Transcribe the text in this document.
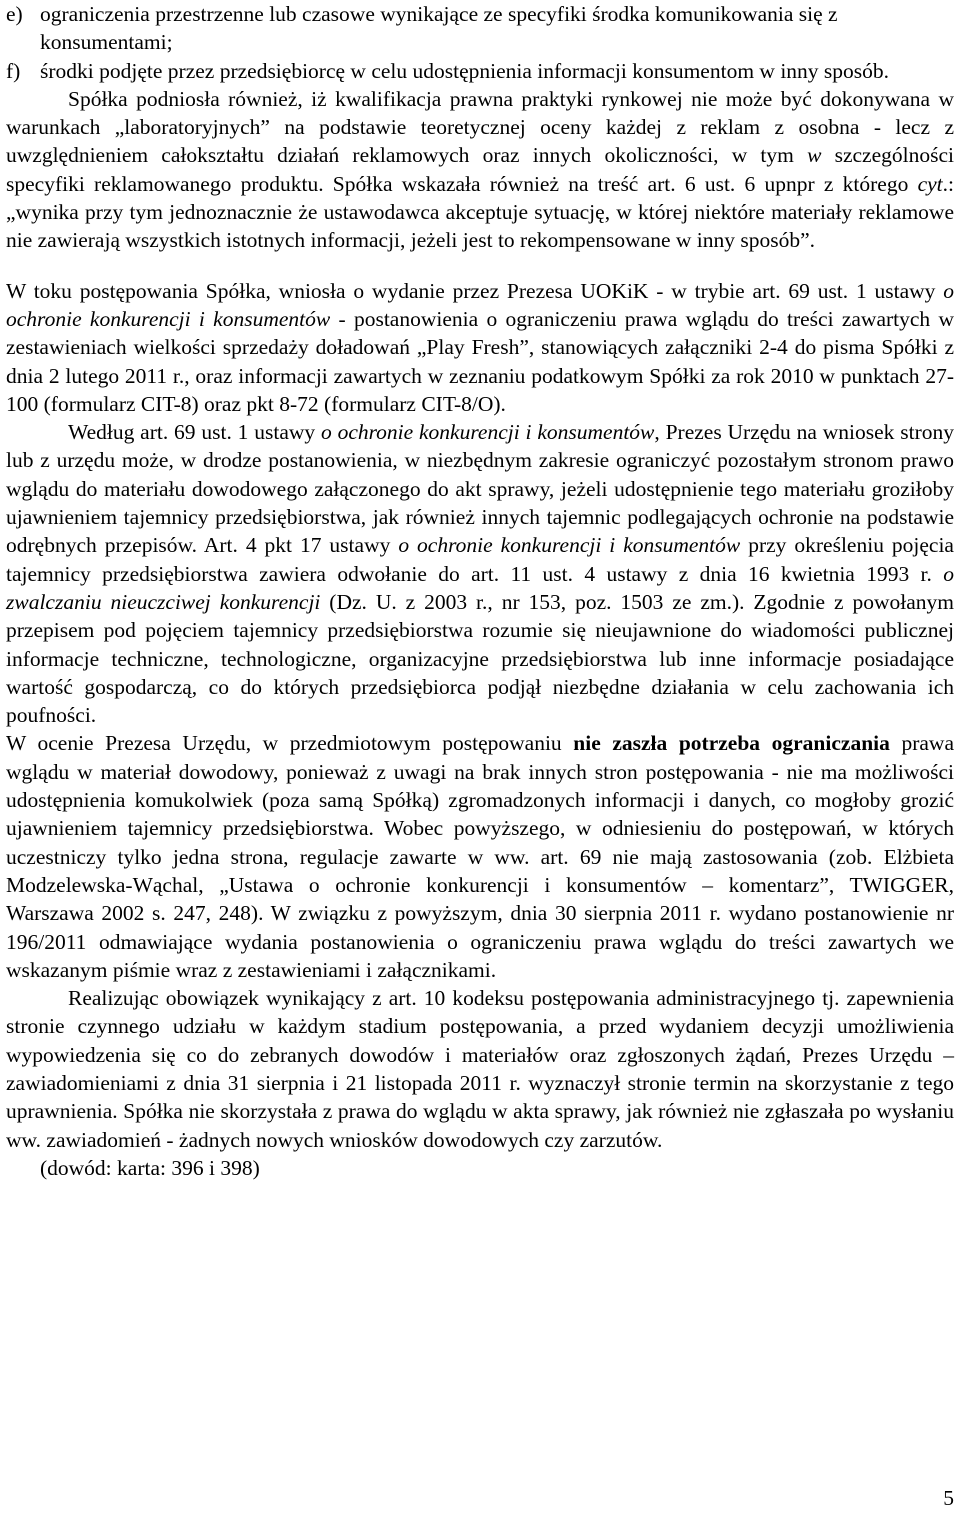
e) ograniczenia przestrzenne lub czasowe wynikające ze specyfiki środka komunikowania się z konsumentami;
f) środki podjęte przez przedsiębiorcę w celu udostępnienia informacji konsumentom w inny sposób.

Spółka podniosła również, iż kwalifikacja prawna praktyki rynkowej nie może być dokonywana w warunkach „laboratoryjnych” na podstawie teoretycznej oceny każdej z reklam z osobna - lecz z uwzględnieniem całokształtu działań reklamowych oraz innych okoliczności, w tym w szczególności specyfiki reklamowanego produktu. Spółka wskazała również na treść art. 6 ust. 6 upnpr z którego cyt.: „wynika przy tym jednoznacznie że ustawodawca akceptuje sytuację, w której niektóre materiały reklamowe nie zawierają wszystkich istotnych informacji, jeżeli jest to rekompensowane w inny sposób”.

W toku postępowania Spółka, wniosła o wydanie przez Prezesa UOKiK - w trybie art. 69 ust. 1 ustawy o ochronie konkurencji i konsumentów - postanowienia o ograniczeniu prawa wglądu do treści zawartych w zestawieniach wielkości sprzedaży doładowań „Play Fresh”, stanowiących załączniki 2-4 do pisma Spółki z dnia 2 lutego 2011 r., oraz informacji zawartych w zeznaniu podatkowym Spółki za rok 2010 w punktach 27-100 (formularz CIT-8) oraz pkt 8-72 (formularz CIT-8/O).

Według art. 69 ust. 1 ustawy o ochronie konkurencji i konsumentów, Prezes Urzędu na wniosek strony lub z urzędu może, w drodze postanowienia, w niezbędnym zakresie ograniczyć pozostałym stronom prawo wglądu do materiału dowodowego załączonego do akt sprawy, jeżeli udostępnienie tego materiału groziłoby ujawnieniem tajemnicy przedsiębiorstwa, jak również innych tajemnic podlegających ochronie na podstawie odrębnych przepisów. Art. 4 pkt 17 ustawy o ochronie konkurencji i konsumentów przy określeniu pojęcia tajemnicy przedsiębiorstwa zawiera odwołanie do art. 11 ust. 4 ustawy z dnia 16 kwietnia 1993 r. o zwalczaniu nieuczciwej konkurencji (Dz. U. z 2003 r., nr 153, poz. 1503 ze zm.). Zgodnie z powołanym przepisem pod pojęciem tajemnicy przedsiębiorstwa rozumie się nieujawnione do wiadomości publicznej informacje techniczne, technologiczne, organizacyjne przedsiębiorstwa lub inne informacje posiadające wartość gospodarczą, co do których przedsiębiorca podjął niezbędne działania w celu zachowania ich poufności.

W ocenie Prezesa Urzędu, w przedmiotowym postępowaniu nie zaszła potrzeba ograniczania prawa wglądu w materiał dowodowy, ponieważ z uwagi na brak innych stron postępowania - nie ma możliwości udostępnienia komukolwiek (poza samą Spółką) zgromadzonych informacji i danych, co mogłoby grozić ujawnieniem tajemnicy przedsiębiorstwa. Wobec powyższego, w odniesieniu do postępowań, w których uczestniczy tylko jedna strona, regulacje zawarte w ww. art. 69 nie mają zastosowania (zob. Elżbieta Modzelewska-Wąchal, „Ustawa o ochronie konkurencji i konsumentów – komentarz”, TWIGGER, Warszawa 2002 s. 247, 248). W związku z powyższym, dnia 30 sierpnia 2011 r. wydano postanowienie nr 196/2011 odmawiające wydania postanowienia o ograniczeniu prawa wglądu do treści zawartych we wskazanym piśmie wraz z zestawieniami i załącznikami.

Realizując obowiązek wynikający z art. 10 kodeksu postępowania administracyjnego tj. zapewnienia stronie czynnego udziału w każdym stadium postępowania, a przed wydaniem decyzji umożliwienia wypowiedzenia się co do zebranych dowodów i materiałów oraz zgłoszonych żądań, Prezes Urzędu – zawiadomieniami z dnia 31 sierpnia i 21 listopada 2011 r. wyznaczył stronie termin na skorzystanie z tego uprawnienia. Spółka nie skorzystała z prawa do wglądu w akta sprawy, jak również nie zgłaszała po wysłaniu ww. zawiadomień - żadnych nowych wniosków dowodowych czy zarzutów.

(dowód: karta: 396 i 398)

5
